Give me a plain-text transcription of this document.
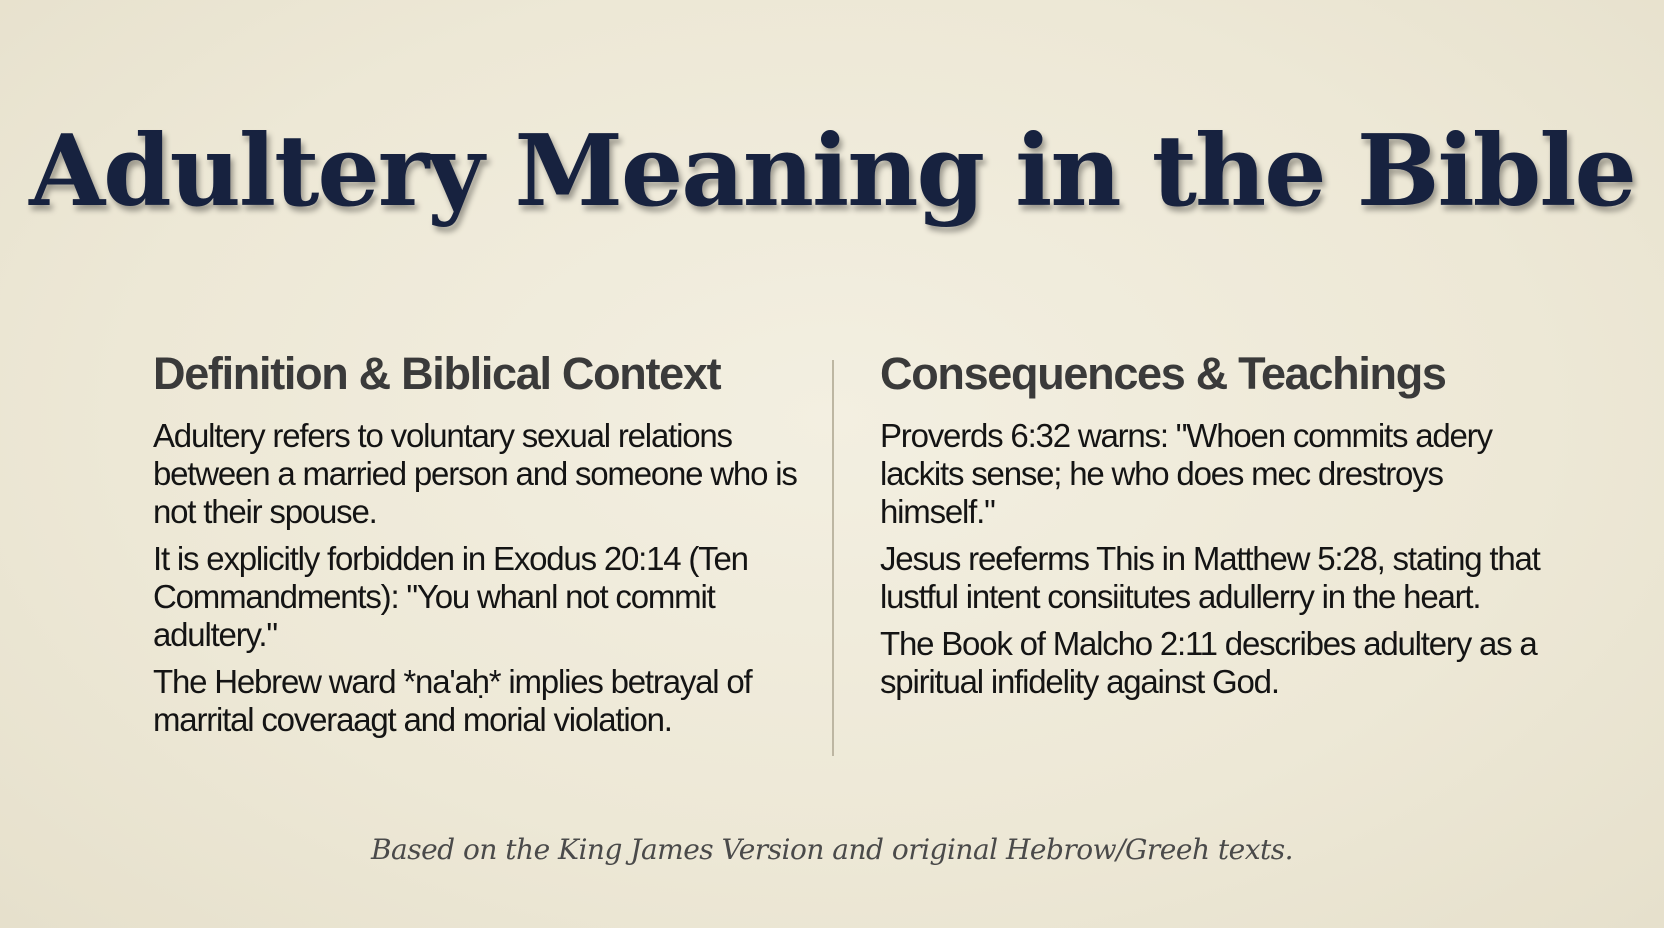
Adultery Meaning in the Bible
Definition & Biblical Context
Adultery refers to voluntary sexual relations between a married person and someone who is not their spouse.
It is explicitly forbidden in Exodus 20:14 (Ten Commandments): "You whanl not commit adultery."
The Hebrew ward *na'aḥ* implies betrayal of marrital coveraagt and morial violation.
Consequences & Teachings
Proverds 6:32 warns: "Whoen commits adery lackits sense; he who does mec drestroys himself."
Jesus reeferms This in Matthew 5:28, stating that lustful intent consiitutes adullerry in the heart.
The Book of Malcho 2:11 describes adultery as a spiritual infidelity against God.

Based on the King James Version and original Hebrow/Greeh texts.
